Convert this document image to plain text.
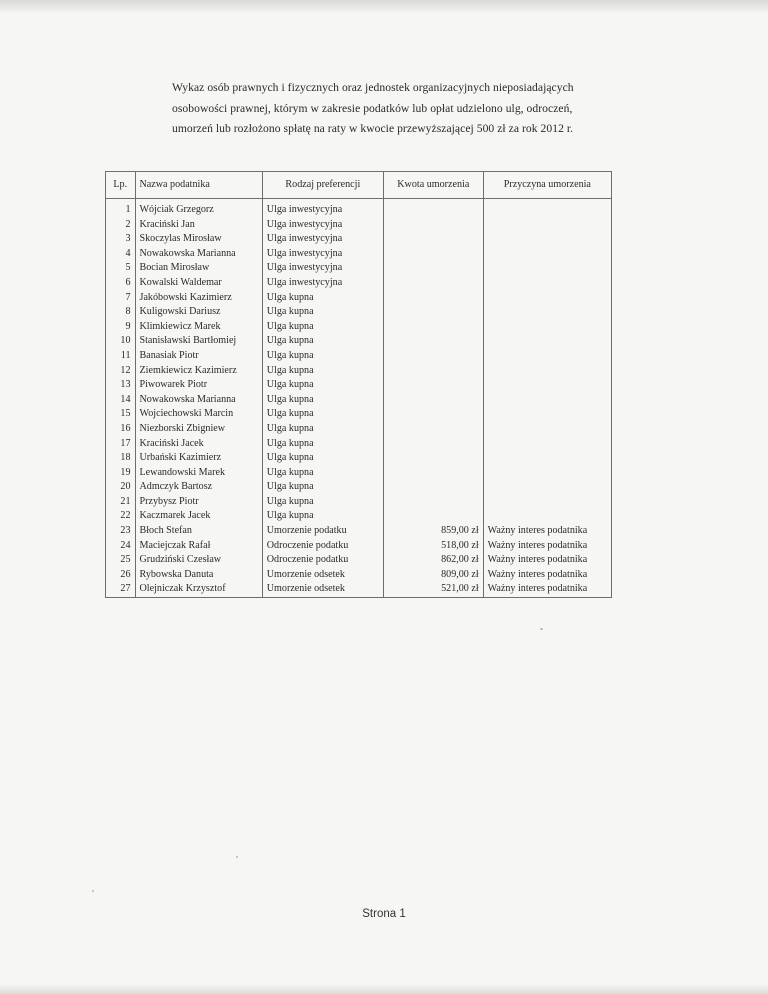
Wykaz osób prawnych i fizycznych oraz jednostek organizacyjnych nieposiadających
osobowości prawnej, którym w zakresie podatków lub opłat udzielono ulg, odroczeń,
umorzeń lub rozłożono spłatę na raty w kwocie przewyższającej 500 zł za rok 2012 r.
Lp.	Nazwa podatnika	Rodzaj preferencji	Kwota umorzenia	Przyczyna umorzenia
1	Wójciak Grzegorz	Ulga inwestycyjna		
2	Kraciński Jan	Ulga inwestycyjna		
3	Skoczylas Mirosław	Ulga inwestycyjna		
4	Nowakowska Marianna	Ulga inwestycyjna		
5	Bocian Mirosław	Ulga inwestycyjna		
6	Kowalski Waldemar	Ulga inwestycyjna		
7	Jakóbowski Kazimierz	Ulga kupna		
8	Kuligowski Dariusz	Ulga kupna		
9	Klimkiewicz Marek	Ulga kupna		
10	Stanisławski Bartłomiej	Ulga kupna		
11	Banasiak Piotr	Ulga kupna		
12	Ziemkiewicz Kazimierz	Ulga kupna		
13	Piwowarek Piotr	Ulga kupna		
14	Nowakowska Marianna	Ulga kupna		
15	Wojciechowski Marcin	Ulga kupna		
16	Niezborski Zbigniew	Ulga kupna		
17	Kraciński Jacek	Ulga kupna		
18	Urbański Kazimierz	Ulga kupna		
19	Lewandowski Marek	Ulga kupna		
20	Admczyk Bartosz	Ulga kupna		
21	Przybysz Piotr	Ulga kupna		
22	Kaczmarek Jacek	Ulga kupna		
23	Błoch Stefan	Umorzenie podatku	859,00 zł	Ważny interes podatnika
24	Maciejczak Rafał	Odroczenie podatku	518,00 zł	Ważny interes podatnika
25	Grudziński Czesław	Odroczenie podatku	862,00 zł	Ważny interes podatnika
26	Rybowska Danuta	Umorzenie odsetek	809,00 zł	Ważny interes podatnika
27	Olejniczak Krzysztof	Umorzenie odsetek	521,00 zł	Ważny interes podatnika
Strona 1
